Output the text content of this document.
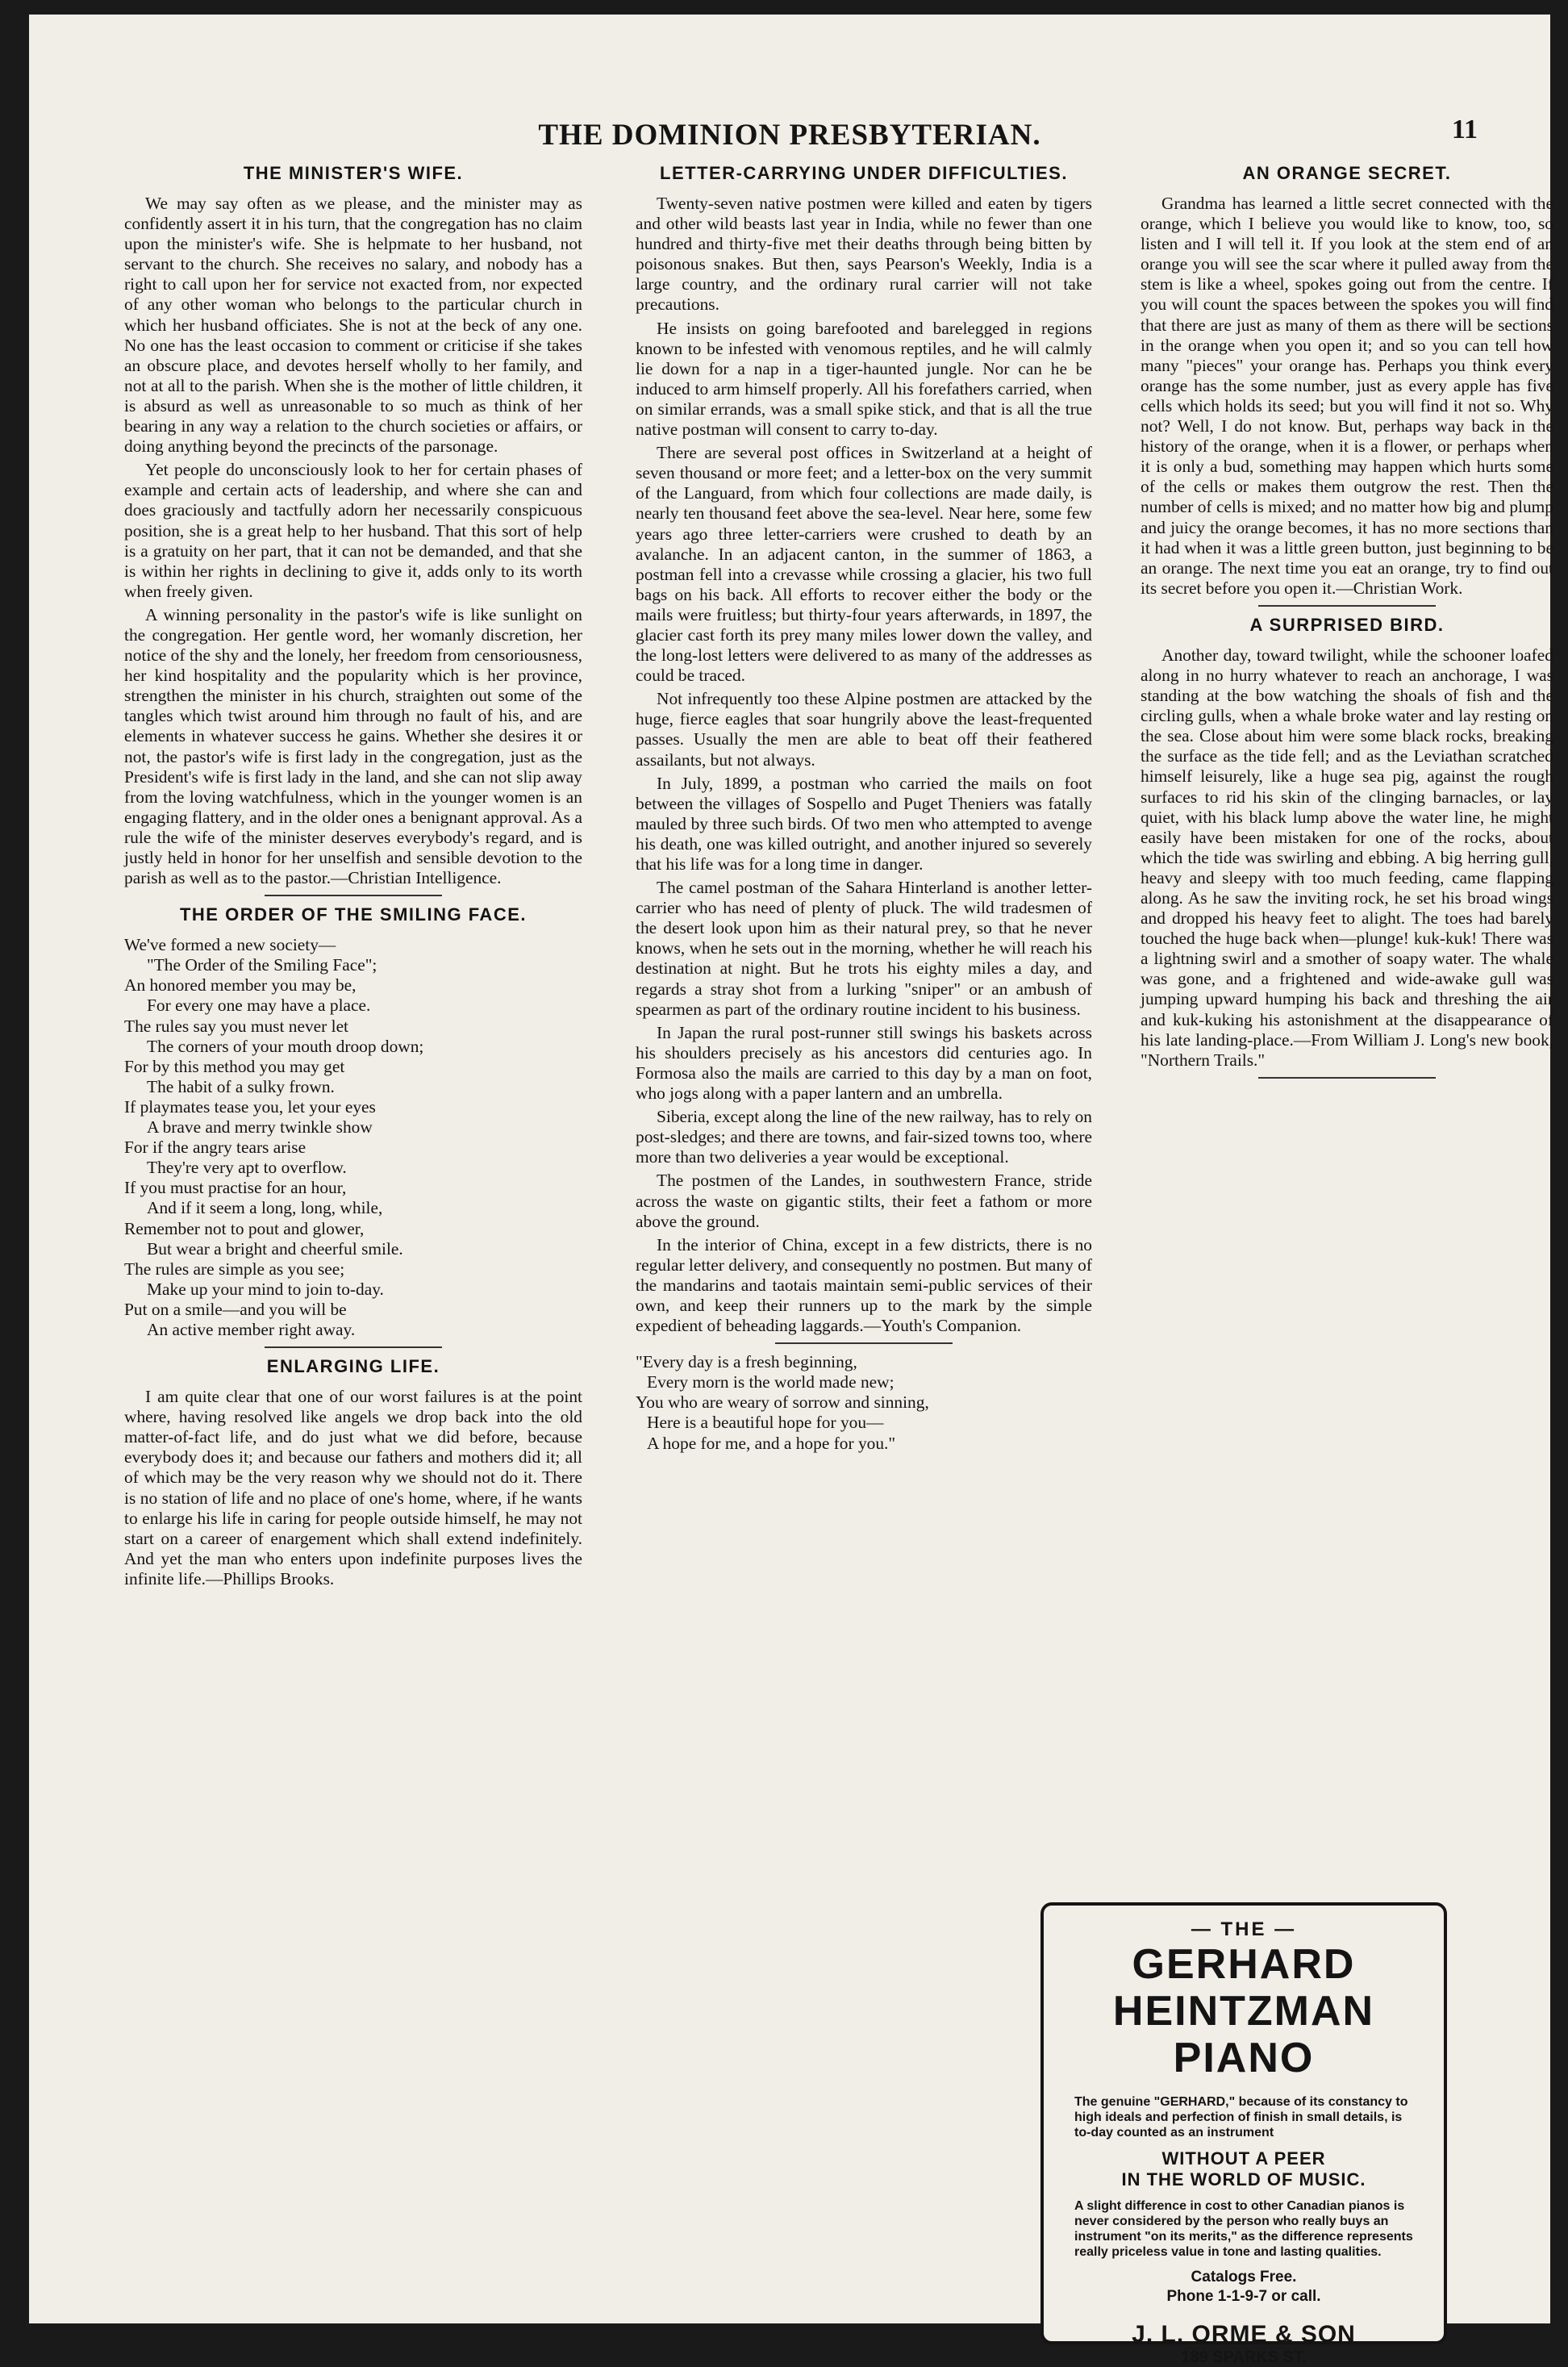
THE DOMINION PRESBYTERIAN.	11
THE MINISTER'S WIFE.

We may say often as we please, and the minister may as confidently assert it in his turn, that the congregation has no claim upon the minister's wife. She is helpmate to her husband, not servant to the church. She receives no salary, and nobody has a right to call upon her for service not exacted from, nor expected of any other woman who belongs to the particular church in which her husband officiates. She is not at the beck of any one. No one has the least occasion to comment or criticise if she takes an obscure place, and devotes herself wholly to her family, and not at all to the parish. When she is the mother of little children, it is absurd as well as unreasonable to so much as think of her bearing in any way a relation to the church societies or affairs, or doing anything beyond the precincts of the parsonage.

Yet people do unconsciously look to her for certain phases of example and certain acts of leadership, and where she can and does graciously and tactfully adorn her necessarily conspicuous position, she is a great help to her husband. That this sort of help is a gratuity on her part, that it can not be demanded, and that she is within her rights in declining to give it, adds only to its worth when freely given.

A winning personality in the pastor's wife is like sunlight on the congregation. Her gentle word, her womanly discretion, her notice of the shy and the lonely, her freedom from censoriousness, her kind hospitality and the popularity which is her province, strengthen the minister in his church, straighten out some of the tangles which twist around him through no fault of his, and are elements in whatever success he gains. Whether she desires it or not, the pastor's wife is first lady in the congregation, just as the President's wife is first lady in the land, and she can not slip away from the loving watchfulness, which in the younger women is an engaging flattery, and in the older ones a benignant approval. As a rule the wife of the minister deserves everybody's regard, and is justly held in honor for her unselfish and sensible devotion to the parish as well as to the pastor.—Christian Intelligence.

THE ORDER OF THE SMILING FACE.
We've formed a new society—
"The Order of the Smiling Face";
An honored member you may be,
For every one may have a place.
The rules say you must never let
The corners of your mouth droop down;
For by this method you may get
The habit of a sulky frown.
If playmates tease you, let your eyes
A brave and merry twinkle show
For if the angry tears arise
They're very apt to overflow.
If you must practise for an hour,
And if it seem a long, long, while,
Remember not to pout and glower,
But wear a bright and cheerful smile.
The rules are simple as you see;
Make up your mind to join to-day.
Put on a smile—and you will be
An active member right away.
ENLARGING LIFE.

I am quite clear that one of our worst failures is at the point where, having resolved like angels we drop back into the old matter-of-fact life, and do just what we did before, because everybody does it; and because our fathers and mothers did it; all of which may be the very reason why we should not do it. There is no station of life and no place of one's home, where, if he wants to enlarge his life in caring for people outside himself, he may not start on a career of enargement which shall extend indefinitely. And yet the man who enters upon indefinite purposes lives the infinite life.—Phillips Brooks.

LETTER-CARRYING UNDER DIFFICULTIES.

Twenty-seven native postmen were killed and eaten by tigers and other wild beasts last year in India, while no fewer than one hundred and thirty-five met their deaths through being bitten by poisonous snakes. But then, says Pearson's Weekly, India is a large country, and the ordinary rural carrier will not take precautions.

He insists on going barefooted and barelegged in regions known to be infested with venomous reptiles, and he will calmly lie down for a nap in a tiger-haunted jungle. Nor can he be induced to arm himself properly. All his forefathers carried, when on similar errands, was a small spike stick, and that is all the true native postman will consent to carry to-day.

There are several post offices in Switzerland at a height of seven thousand or more feet; and a letter-box on the very summit of the Languard, from which four collections are made daily, is nearly ten thousand feet above the sea-level. Near here, some few years ago three letter-carriers were crushed to death by an avalanche. In an adjacent canton, in the summer of 1863, a postman fell into a crevasse while crossing a glacier, his two full bags on his back. All efforts to recover either the body or the mails were fruitless; but thirty-four years afterwards, in 1897, the glacier cast forth its prey many miles lower down the valley, and the long-lost letters were delivered to as many of the addresses as could be traced.

Not infrequently too these Alpine postmen are attacked by the huge, fierce eagles that soar hungrily above the least-frequented passes. Usually the men are able to beat off their feathered assailants, but not always.

In July, 1899, a postman who carried the mails on foot between the villages of Sospello and Puget Theniers was fatally mauled by three such birds. Of two men who attempted to avenge his death, one was killed outright, and another injured so severely that his life was for a long time in danger.

The camel postman of the Sahara Hinterland is another letter-carrier who has need of plenty of pluck. The wild tradesmen of the desert look upon him as their natural prey, so that he never knows, when he sets out in the morning, whether he will reach his destination at night. But he trots his eighty miles a day, and regards a stray shot from a lurking "sniper" or an ambush of spearmen as part of the ordinary routine incident to his business.

In Japan the rural post-runner still swings his baskets across his shoulders precisely as his ancestors did centuries ago. In Formosa also the mails are carried to this day by a man on foot, who jogs along with a paper lantern and an umbrella.

Siberia, except along the line of the new railway, has to rely on post-sledges; and there are towns, and fair-sized towns too, where more than two deliveries a year would be exceptional.

The postmen of the Landes, in southwestern France, stride across the waste on gigantic stilts, their feet a fathom or more above the ground.

In the interior of China, except in a few districts, there is no regular letter delivery, and consequently no postmen. But many of the mandarins and taotais maintain semi-public services of their own, and keep their runners up to the mark by the simple expedient of beheading laggards.—Youth's Companion.

"Every day is a fresh beginning,
Every morn is the world made new;
You who are weary of sorrow and sinning,
Here is a beautiful hope for you—
A hope for me, and a hope for you."
AN ORANGE SECRET.

Grandma has learned a little secret connected with the orange, which I believe you would like to know, too, so listen and I will tell it. If you look at the stem end of an orange you will see the scar where it pulled away from the stem is like a wheel, spokes going out from the centre. If you will count the spaces between the spokes you will find that there are just as many of them as there will be sections in the orange when you open it; and so you can tell how many "pieces" your orange has. Perhaps you think every orange has the some number, just as every apple has five cells which holds its seed; but you will find it not so. Why not? Well, I do not know. But, perhaps way back in the history of the orange, when it is a flower, or perhaps when it is only a bud, something may happen which hurts some of the cells or makes them outgrow the rest. Then the number of cells is mixed; and no matter how big and plump and juicy the orange becomes, it has no more sections than it had when it was a little green button, just beginning to be an orange. The next time you eat an orange, try to find out its secret before you open it.—Christian Work.

A SURPRISED BIRD.

Another day, toward twilight, while the schooner loafed along in no hurry whatever to reach an anchorage, I was standing at the bow watching the shoals of fish and the circling gulls, when a whale broke water and lay resting on the sea. Close about him were some black rocks, breaking the surface as the tide fell; and as the Leviathan scratched himself leisurely, like a huge sea pig, against the rough surfaces to rid his skin of the clinging barnacles, or lay quiet, with his black lump above the water line, he might easily have been mistaken for one of the rocks, about which the tide was swirling and ebbing. A big herring gull, heavy and sleepy with too much feeding, came flapping along. As he saw the inviting rock, he set his broad wings and dropped his heavy feet to alight. The toes had barely touched the huge back when—plunge! kuk-kuk! There was a lightning swirl and a smother of soapy water. The whale was gone, and a frightened and wide-awake gull was jumping upward humping his back and threshing the air and kuk-kuking his astonishment at the disappearance of his late landing-place.—From William J. Long's new book, "Northern Trails."

— THE —
GERHARD
HEINTZMAN
PIANO
The genuine "GERHARD," because of its constancy to high ideals and perfection of finish in small details, is to-day counted as an instrument
WITHOUT A PEER
IN THE WORLD OF MUSIC.
A slight difference in cost to other Canadian pianos is never considered by the person who really buys an instrument "on its merits," as the difference represents really priceless value in tone and lasting qualities.
Catalogs Free.
Phone 1-1-9-7 or call.
J. L. ORME & SON
189 SPARKS ST.
